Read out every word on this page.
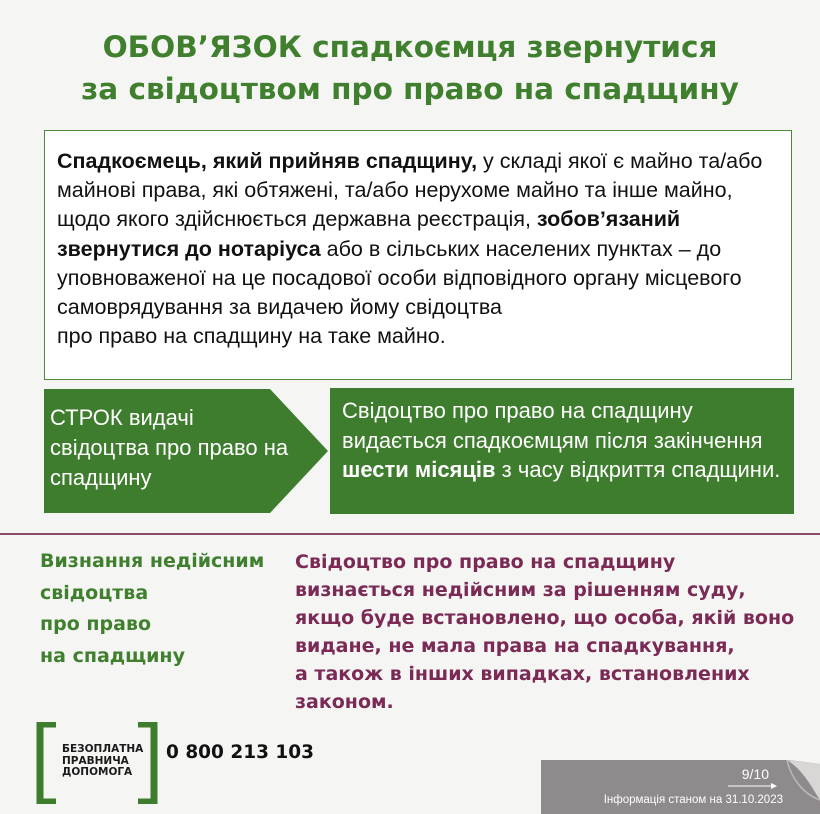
ОБОВ’ЯЗОК спадкоємця звернутися
за свідоцтвом про право на спадщину
Спадкоємець, який прийняв спадщину, у складі якої є майно та/або майнові права, які обтяжені, та/або нерухоме майно та інше майно, щодо якого здійснюється державна реєстрація, зобов’язаний звернутися до нотаріуса або в сільських населених пунктах – до уповноваженої на це посадової особи відповідного органу місцевого самоврядування за видачею йому свідоцтва
про право на спадщину на таке майно.
СТРОК видачі свідоцтва про право на спадщину
Свідоцтво про право на спадщину видається спадкоємцям після закінчення шести місяців з часу відкриття спадщини.
Визнання недійсним
свідоцтва
про право
на спадщину
Свідоцтво про право на спадщину
визнається недійсним за рішенням суду,
якщо буде встановлено, що особа, якій воно
видане, не мала права на спадкування,
а також в інших випадках, встановлених
законом.
БЕЗОПЛАТНА
ПРАВНИЧА
ДОПОМОГА
0 800 213 103
9/10
Інформація станом на 31.10.2023
